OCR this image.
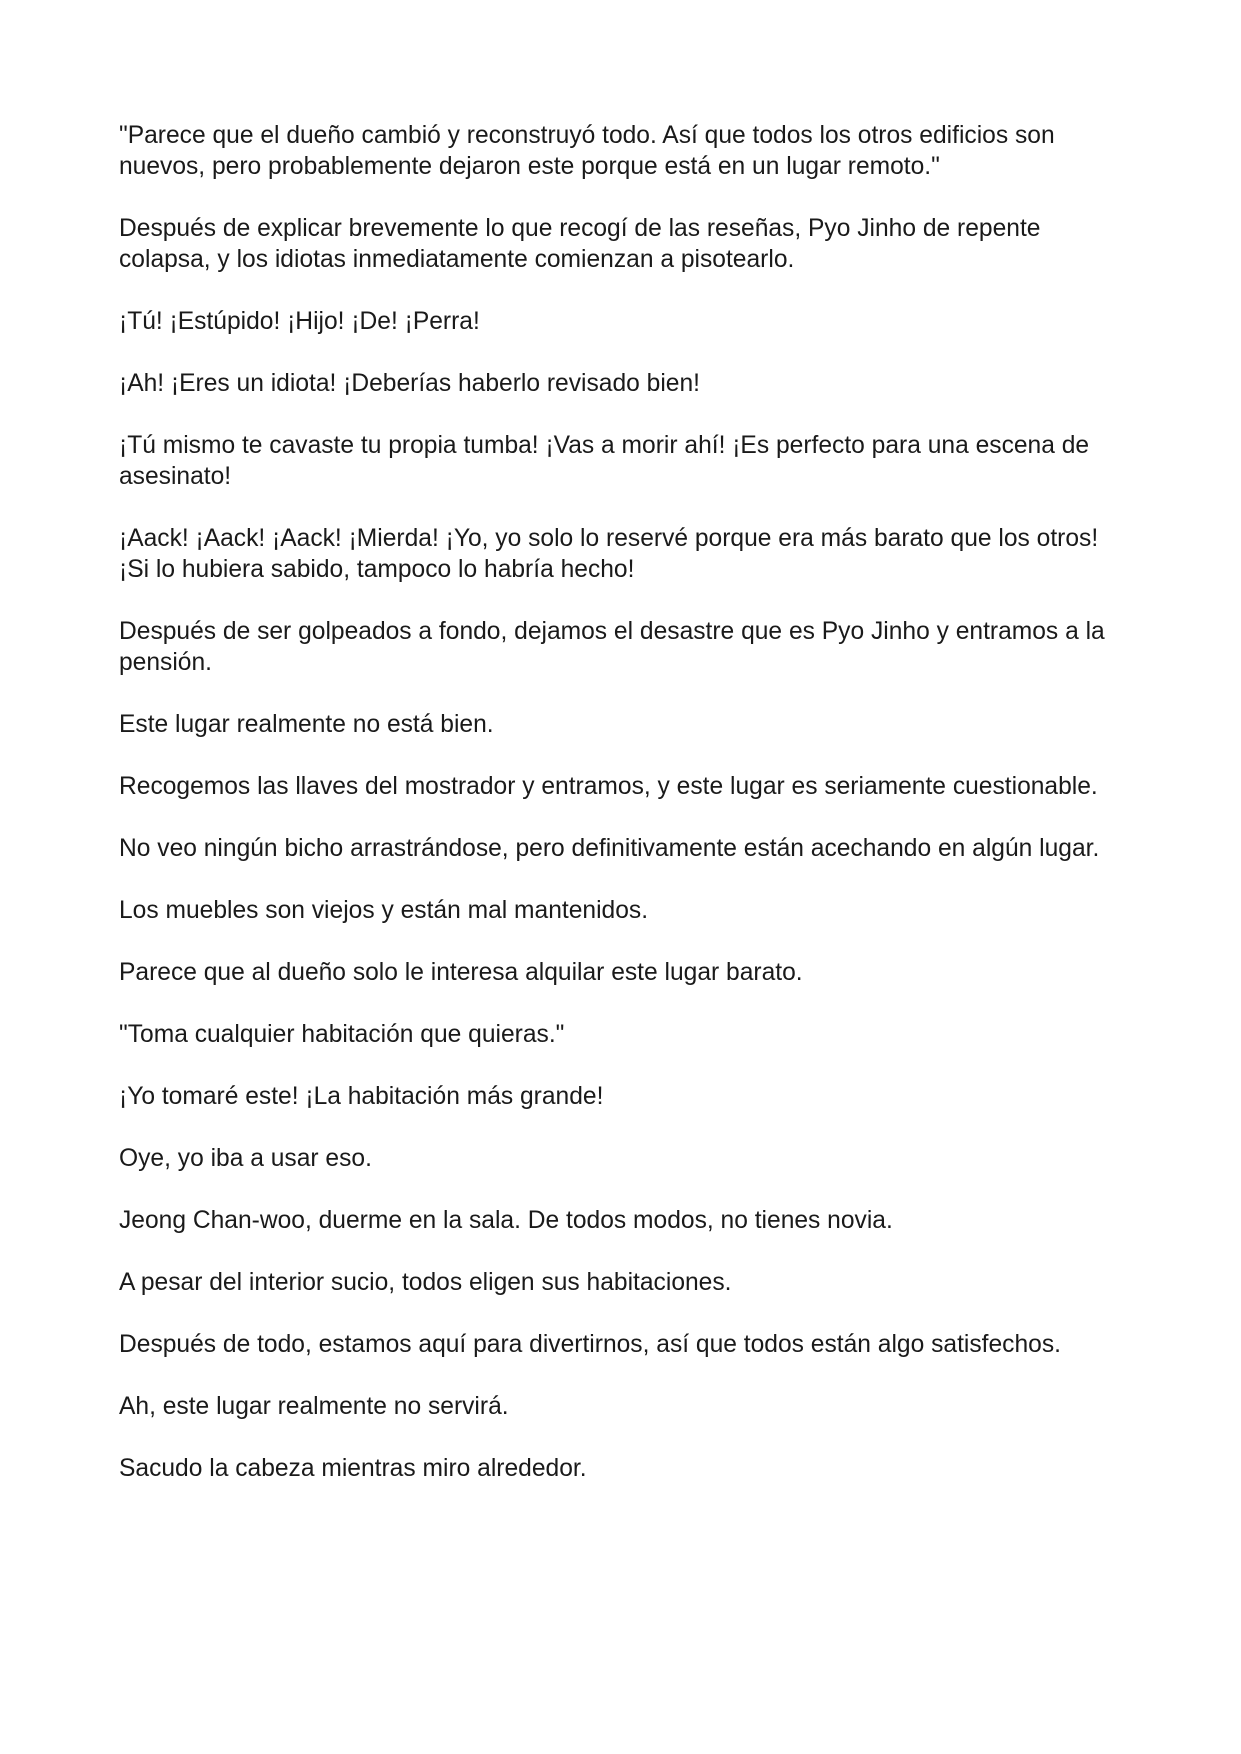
"Parece que el dueño cambió y reconstruyó todo. Así que todos los otros edificios son nuevos, pero probablemente dejaron este porque está en un lugar remoto."

Después de explicar brevemente lo que recogí de las reseñas, Pyo Jinho de repente colapsa, y los idiotas inmediatamente comienzan a pisotearlo.

¡Tú! ¡Estúpido! ¡Hijo! ¡De! ¡Perra!

¡Ah! ¡Eres un idiota! ¡Deberías haberlo revisado bien!

¡Tú mismo te cavaste tu propia tumba! ¡Vas a morir ahí! ¡Es perfecto para una escena de asesinato!

¡Aack! ¡Aack! ¡Aack! ¡Mierda! ¡Yo, yo solo lo reservé porque era más barato que los otros! ¡Si lo hubiera sabido, tampoco lo habría hecho!

Después de ser golpeados a fondo, dejamos el desastre que es Pyo Jinho y entramos a la pensión.

Este lugar realmente no está bien.

Recogemos las llaves del mostrador y entramos, y este lugar es seriamente cuestionable.

No veo ningún bicho arrastrándose, pero definitivamente están acechando en algún lugar.

Los muebles son viejos y están mal mantenidos.

Parece que al dueño solo le interesa alquilar este lugar barato.

"Toma cualquier habitación que quieras."

¡Yo tomaré este! ¡La habitación más grande!

Oye, yo iba a usar eso.

Jeong Chan-woo, duerme en la sala. De todos modos, no tienes novia.

A pesar del interior sucio, todos eligen sus habitaciones.

Después de todo, estamos aquí para divertirnos, así que todos están algo satisfechos.

Ah, este lugar realmente no servirá.

Sacudo la cabeza mientras miro alrededor.
